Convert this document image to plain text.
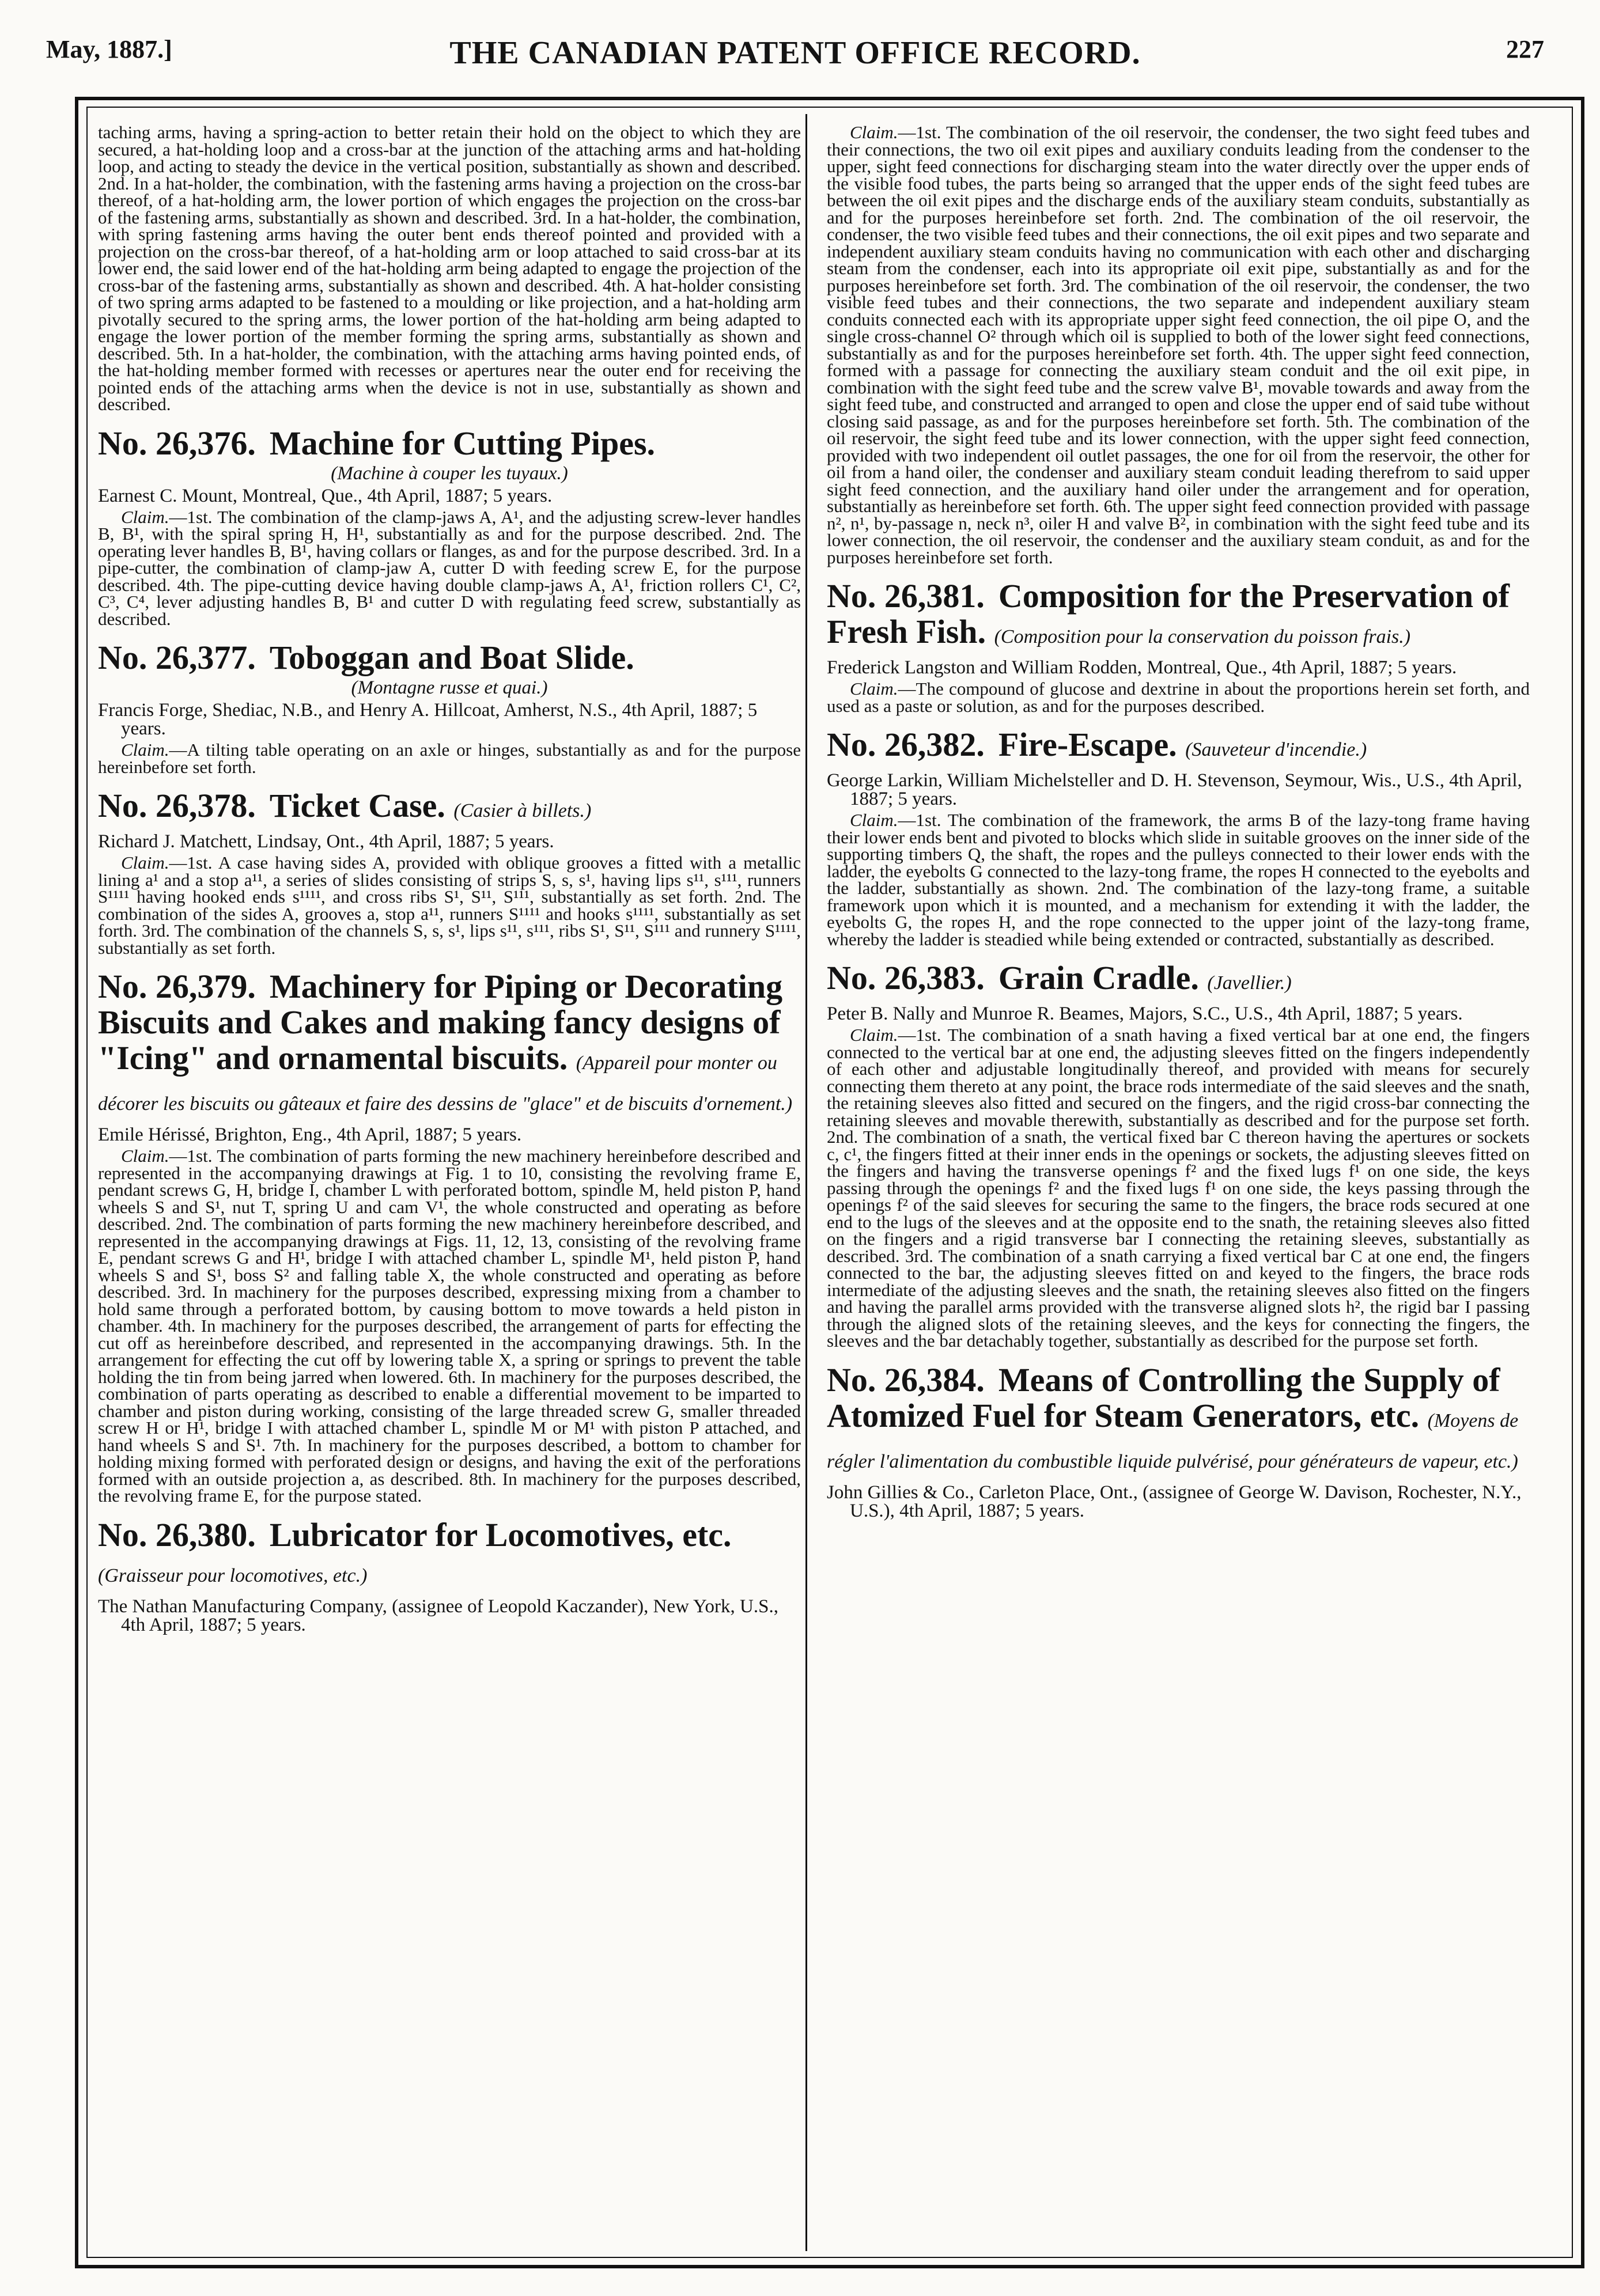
May, 1887.]	THE CANADIAN PATENT OFFICE RECORD.	227

taching arms, having a spring-action to better retain their hold on the object to which they are secured, a hat-holding loop and a cross-bar at the junction of the attaching arms and hat-holding loop, and acting to steady the device in the vertical position, substantially as shown and described. 2nd. In a hat-holder, the combination, with the fastening arms having a projection on the cross-bar thereof, of a hat-holding arm, the lower portion of which engages the projection on the cross-bar of the fastening arms, substantially as shown and described. 3rd. In a hat-holder, the combination, with spring fastening arms having the outer bent ends thereof pointed and provided with a projection on the cross-bar thereof, of a hat-holding arm or loop attached to said cross-bar at its lower end, the said lower end of the hat-holding arm being adapted to engage the projection of the cross-bar of the fastening arms, substantially as shown and described. 4th. A hat-holder consisting of two spring arms adapted to be fastened to a moulding or like projection, and a hat-holding arm pivotally secured to the spring arms, the lower portion of the hat-holding arm being adapted to engage the lower portion of the member forming the spring arms, substantially as shown and described. 5th. In a hat-holder, the combination, with the attaching arms having pointed ends, of the hat-holding member formed with recesses or apertures near the outer end for receiving the pointed ends of the attaching arms when the device is not in use, substantially as shown and described.

No. 26,376. Machine for Cutting Pipes.
(Machine à couper les tuyaux.)
Earnest C. Mount, Montreal, Que., 4th April, 1887; 5 years.

Claim.—1st. The combination of the clamp-jaws A, A¹, and the adjusting screw-lever handles B, B¹, with the spiral spring H, H¹, substantially as and for the purpose described. 2nd. The operating lever handles B, B¹, having collars or flanges, as and for the purpose described. 3rd. In a pipe-cutter, the combination of clamp-jaw A, cutter D with feeding screw E, for the purpose described. 4th. The pipe-cutting device having double clamp-jaws A, A¹, friction rollers C¹, C², C³, C⁴, lever adjusting handles B, B¹ and cutter D with regulating feed screw, substantially as described.

No. 26,377. Toboggan and Boat Slide.
(Montagne russe et quai.)
Francis Forge, Shediac, N.B., and Henry A. Hillcoat, Amherst, N.S., 4th April, 1887; 5 years.

Claim.—A tilting table operating on an axle or hinges, substantially as and for the purpose hereinbefore set forth.

No. 26,378. Ticket Case. (Casier à billets.)
Richard J. Matchett, Lindsay, Ont., 4th April, 1887; 5 years.

Claim.—1st. A case having sides A, provided with oblique grooves a fitted with a metallic lining a¹ and a stop a¹¹, a series of slides consisting of strips S, s, s¹, having lips s¹¹, s¹¹¹, runners S¹¹¹¹ having hooked ends s¹¹¹¹, and cross ribs S¹, S¹¹, S¹¹¹, substantially as set forth. 2nd. The combination of the sides A, grooves a, stop a¹¹, runners S¹¹¹¹ and hooks s¹¹¹¹, substantially as set forth. 3rd. The combination of the channels S, s, s¹, lips s¹¹, s¹¹¹, ribs S¹, S¹¹, S¹¹¹ and runnery S¹¹¹¹, substantially as set forth.

No. 26,379. Machinery for Piping or Decorating Biscuits and Cakes and making fancy designs of "Icing" and ornamental biscuits. (Appareil pour monter ou décorer les biscuits ou gâteaux et faire des dessins de "glace" et de biscuits d'ornement.)
Emile Hérissé, Brighton, Eng., 4th April, 1887; 5 years.

Claim.—1st. The combination of parts forming the new machinery hereinbefore described and represented in the accompanying drawings at Fig. 1 to 10, consisting the revolving frame E, pendant screws G, H, bridge I, chamber L with perforated bottom, spindle M, held piston P, hand wheels S and S¹, nut T, spring U and cam V¹, the whole constructed and operating as before described. 2nd. The combination of parts forming the new machinery hereinbefore described, and represented in the accompanying drawings at Figs. 11, 12, 13, consisting of the revolving frame E, pendant screws G and H¹, bridge I with attached chamber L, spindle M¹, held piston P, hand wheels S and S¹, boss S² and falling table X, the whole constructed and operating as before described. 3rd. In machinery for the purposes described, expressing mixing from a chamber to hold same through a perforated bottom, by causing bottom to move towards a held piston in chamber. 4th. In machinery for the purposes described, the arrangement of parts for effecting the cut off as hereinbefore described, and represented in the accompanying drawings. 5th. In the arrangement for effecting the cut off by lowering table X, a spring or springs to prevent the table holding the tin from being jarred when lowered. 6th. In machinery for the purposes described, the combination of parts operating as described to enable a differential movement to be imparted to chamber and piston during working, consisting of the large threaded screw G, smaller threaded screw H or H¹, bridge I with attached chamber L, spindle M or M¹ with piston P attached, and hand wheels S and S¹. 7th. In machinery for the purposes described, a bottom to chamber for holding mixing formed with perforated design or designs, and having the exit of the perforations formed with an outside projection a, as described. 8th. In machinery for the purposes described, the revolving frame E, for the purpose stated.

No. 26,380. Lubricator for Locomotives, etc. (Graisseur pour locomotives, etc.)
The Nathan Manufacturing Company, (assignee of Leopold Kaczander), New York, U.S., 4th April, 1887; 5 years.

Claim.—1st. The combination of the oil reservoir, the condenser, the two sight feed tubes and their connections, the two oil exit pipes and auxiliary conduits leading from the condenser to the upper, sight feed connections for discharging steam into the water directly over the upper ends of the visible food tubes, the parts being so arranged that the upper ends of the sight feed tubes are between the oil exit pipes and the discharge ends of the auxiliary steam conduits, substantially as and for the purposes hereinbefore set forth. 2nd. The combination of the oil reservoir, the condenser, the two visible feed tubes and their connections, the oil exit pipes and two separate and independent auxiliary steam conduits having no communication with each other and discharging steam from the condenser, each into its appropriate oil exit pipe, substantially as and for the purposes hereinbefore set forth. 3rd. The combination of the oil reservoir, the condenser, the two visible feed tubes and their connections, the two separate and independent auxiliary steam conduits connected each with its appropriate upper sight feed connection, the oil pipe O, and the single cross-channel O² through which oil is supplied to both of the lower sight feed connections, substantially as and for the purposes hereinbefore set forth. 4th. The upper sight feed connection, formed with a passage for connecting the auxiliary steam conduit and the oil exit pipe, in combination with the sight feed tube and the screw valve B¹, movable towards and away from the sight feed tube, and constructed and arranged to open and close the upper end of said tube without closing said passage, as and for the purposes hereinbefore set forth. 5th. The combination of the oil reservoir, the sight feed tube and its lower connection, with the upper sight feed connection, provided with two independent oil outlet passages, the one for oil from the reservoir, the other for oil from a hand oiler, the condenser and auxiliary steam conduit leading therefrom to said upper sight feed connection, and the auxiliary hand oiler under the arrangement and for operation, substantially as hereinbefore set forth. 6th. The upper sight feed connection provided with passage n², n¹, by-passage n, neck n³, oiler H and valve B², in combination with the sight feed tube and its lower connection, the oil reservoir, the condenser and the auxiliary steam conduit, as and for the purposes hereinbefore set forth.

No. 26,381. Composition for the Preservation of Fresh Fish. (Composition pour la conservation du poisson frais.)
Frederick Langston and William Rodden, Montreal, Que., 4th April, 1887; 5 years.

Claim.—The compound of glucose and dextrine in about the proportions herein set forth, and used as a paste or solution, as and for the purposes described.

No. 26,382. Fire-Escape. (Sauveteur d'incendie.)
George Larkin, William Michelsteller and D. H. Stevenson, Seymour, Wis., U.S., 4th April, 1887; 5 years.

Claim.—1st. The combination of the framework, the arms B of the lazy-tong frame having their lower ends bent and pivoted to blocks which slide in suitable grooves on the inner side of the supporting timbers Q, the shaft, the ropes and the pulleys connected to their lower ends with the ladder, the eyebolts G connected to the lazy-tong frame, the ropes H connected to the eyebolts and the ladder, substantially as shown. 2nd. The combination of the lazy-tong frame, a suitable framework upon which it is mounted, and a mechanism for extending it with the ladder, the eyebolts G, the ropes H, and the rope connected to the upper joint of the lazy-tong frame, whereby the ladder is steadied while being extended or contracted, substantially as described.

No. 26,383. Grain Cradle. (Javellier.)
Peter B. Nally and Munroe R. Beames, Majors, S.C., U.S., 4th April, 1887; 5 years.

Claim.—1st. The combination of a snath having a fixed vertical bar at one end, the fingers connected to the vertical bar at one end, the adjusting sleeves fitted on the fingers independently of each other and adjustable longitudinally thereof, and provided with means for securely connecting them thereto at any point, the brace rods intermediate of the said sleeves and the snath, the retaining sleeves also fitted and secured on the fingers, and the rigid cross-bar connecting the retaining sleeves and movable therewith, substantially as described and for the purpose set forth. 2nd. The combination of a snath, the vertical fixed bar C thereon having the apertures or sockets c, c¹, the fingers fitted at their inner ends in the openings or sockets, the adjusting sleeves fitted on the fingers and having the transverse openings f² and the fixed lugs f¹ on one side, the keys passing through the openings f² and the fixed lugs f¹ on one side, the keys passing through the openings f² of the said sleeves for securing the same to the fingers, the brace rods secured at one end to the lugs of the sleeves and at the opposite end to the snath, the retaining sleeves also fitted on the fingers and a rigid transverse bar I connecting the retaining sleeves, substantially as described. 3rd. The combination of a snath carrying a fixed vertical bar C at one end, the fingers connected to the bar, the adjusting sleeves fitted on and keyed to the fingers, the brace rods intermediate of the adjusting sleeves and the snath, the retaining sleeves also fitted on the fingers and having the parallel arms provided with the transverse aligned slots h², the rigid bar I passing through the aligned slots of the retaining sleeves, and the keys for connecting the fingers, the sleeves and the bar detachably together, substantially as described for the purpose set forth.

No. 26,384. Means of Controlling the Supply of Atomized Fuel for Steam Generators, etc. (Moyens de régler l'alimentation du combustible liquide pulvérisé, pour générateurs de vapeur, etc.)
John Gillies & Co., Carleton Place, Ont., (assignee of George W. Davison, Rochester, N.Y., U.S.), 4th April, 1887; 5 years.
